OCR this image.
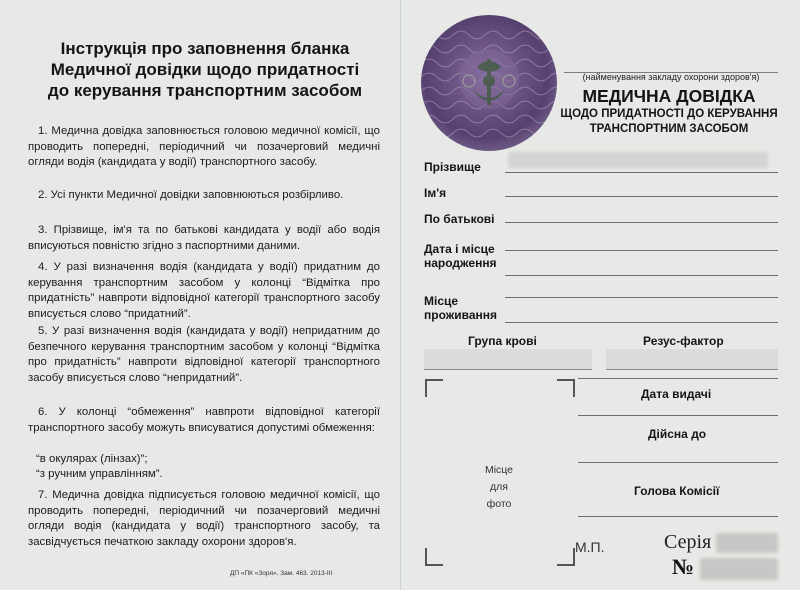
Інструкція про заповнення бланка
Медичної довідки щодо придатності
до керування транспортним засобом
1. Медична довідка заповнюється головою медичної комісії, що проводить попередні, періодичний чи позачерговий медичні огляди водія (кандидата у водії) транспортного засобу.
2. Усі пункти Медичної довідки заповнюються розбірливо.
3. Прізвище, ім'я та по батькові кандидата у водії або водія вписуються повністю згідно з паспортними даними.
4. У разі визначення водія (кандидата у водії) придатним до керування транспортним засобом у колонці “Відмітка про придатність” навпроти відповідної категорії транспортного засобу вписується слово “придатний”.
5. У разі визначення водія (кандидата у водії) непридатним до безпечного керування транспортним засобом у колонці “Відмітка про придатність” навпроти відповідної категорії транспортного засобу вписується слово “непридатний”.
6. У колонці “обмеження” навпроти відповідної категорії транспортного засобу можуть вписуватися допустимі обмеження:
“в окулярах (лінзах)”;
“з ручним управлінням”.
7. Медична довідка підписується головою медичної комісії, що проводить попередні, періодичний чи позачерговий медичні огляди водія (кандидата у водії) транспортного засобу, та засвідчується печаткою закладу охорони здоров'я.
ДП «ПК «Зоря». Зам. 463. 2013-III
(найменування закладу охорони здоров'я)
МЕДИЧНА ДОВІДКА
ЩОДО ПРИДАТНОСТІ ДО КЕРУВАННЯ
ТРАНСПОРТНИМ ЗАСОБОМ
Прізвище
Ім'я
По батькові
Дата і місце
народження
Місце
проживання
Група крові	Резус-фактор
Місце
для
фото
Дата видачі
Дійсна до
Голова Комісії
М.П.	Серія
№
